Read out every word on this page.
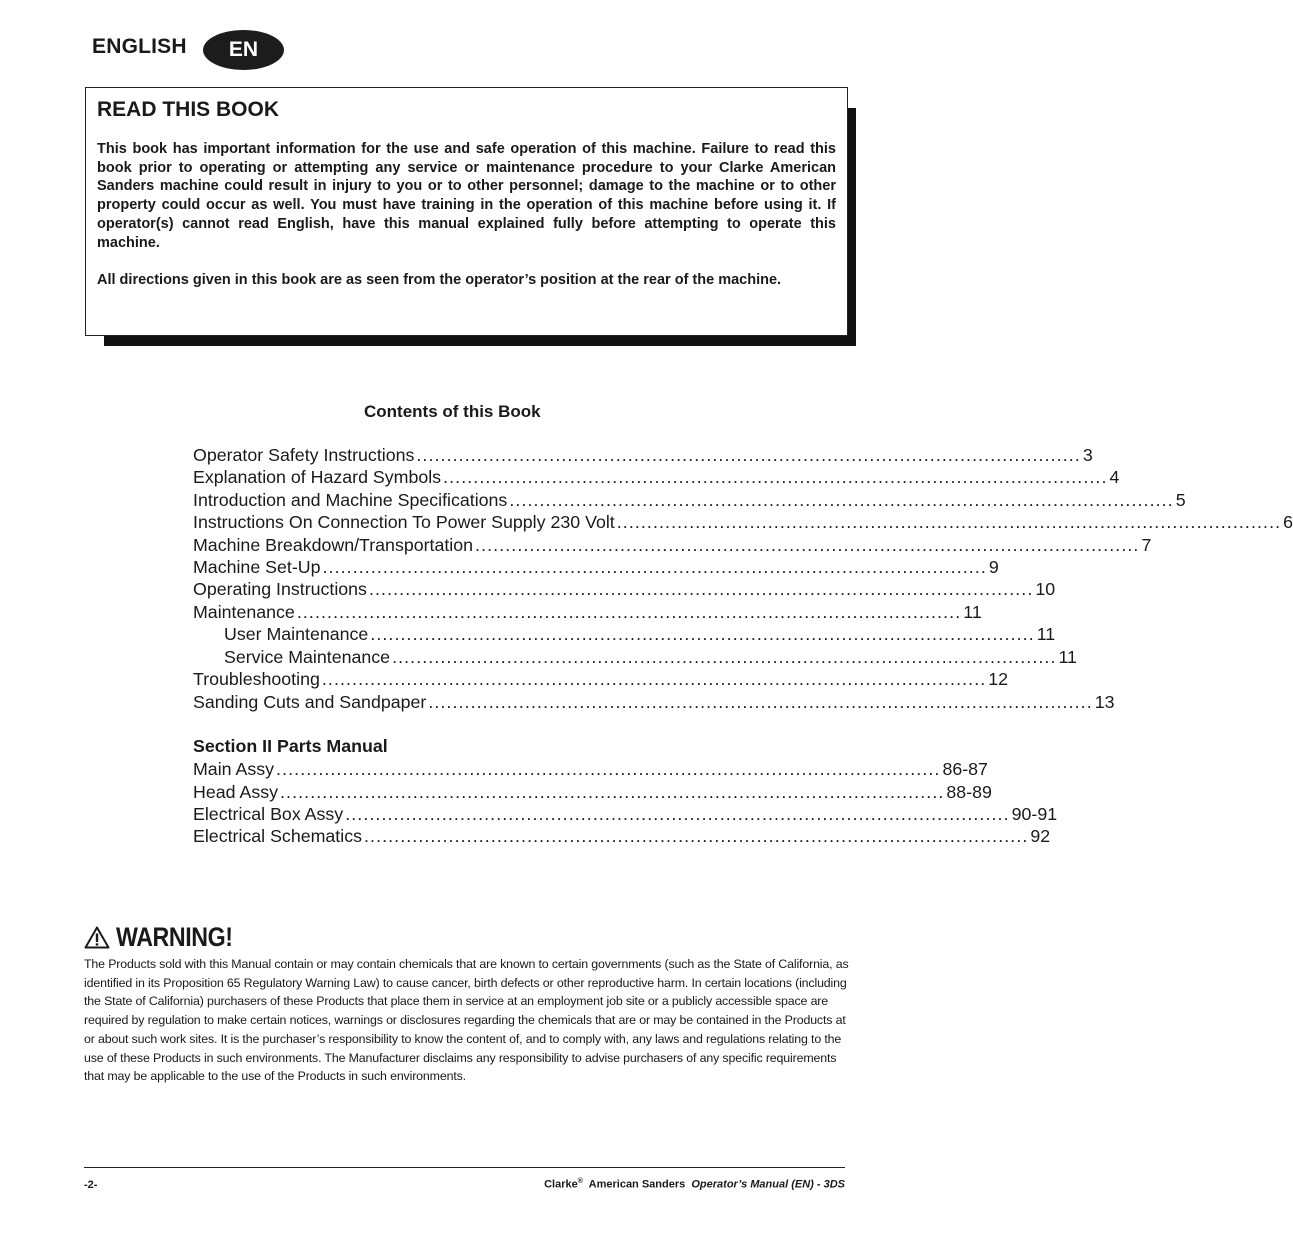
ENGLISH	EN
READ THIS BOOK

This book has important information for the use and safe operation of this machine. Failure to read this book prior to operating or attempting any service or maintenance procedure to your Clarke American Sanders machine could result in injury to you or to other personnel; damage to the machine or to other property could occur as well. You must have training in the operation of this machine before using it. If operator(s) cannot read English, have this manual explained fully before attempting to operate this machine.

All directions given in this book are as seen from the operator’s position at the rear of the machine.

Contents of this Book
Operator Safety Instructions .............................................................................................................. 3
Explanation of Hazard Symbols .............................................................................................................. 4
Introduction and Machine Specifications .............................................................................................................. 5
Instructions On Connection To Power Supply 230 Volt .............................................................................................................. 6
Machine Breakdown/Transportation .............................................................................................................. 7
Machine Set-Up .............................................................................................................. 9
Operating Instructions .............................................................................................................. 10
Maintenance .............................................................................................................. 11
User Maintenance .............................................................................................................. 11
Service Maintenance .............................................................................................................. 11
Troubleshooting .............................................................................................................. 12
Sanding Cuts and Sandpaper .............................................................................................................. 13
Section II Parts Manual
Main Assy .............................................................................................................. 86-87
Head Assy .............................................................................................................. 88-89
Electrical Box Assy .............................................................................................................. 90-91
Electrical Schematics .............................................................................................................. 92
WARNING!

The Products sold with this Manual contain or may contain chemicals that are known to certain governments (such as the State of California, as identified in its Proposition 65 Regulatory Warning Law) to cause cancer, birth defects or other reproductive harm. In certain locations (including the State of California) purchasers of these Products that place them in service at an employment job site or a publicly accessible space are required by regulation to make certain notices, warnings or disclosures regarding the chemicals that are or may be contained in the Products at or about such work sites. It is the purchaser’s responsibility to know the content of, and to comply with, any laws and regulations relating to the use of these Products in such environments. The Manufacturer disclaims any responsibility to advise purchasers of any specific requirements that may be applicable to the use of the Products in such environments.

-2-	Clarke® American Sanders Operator’s Manual (EN) - 3DS
